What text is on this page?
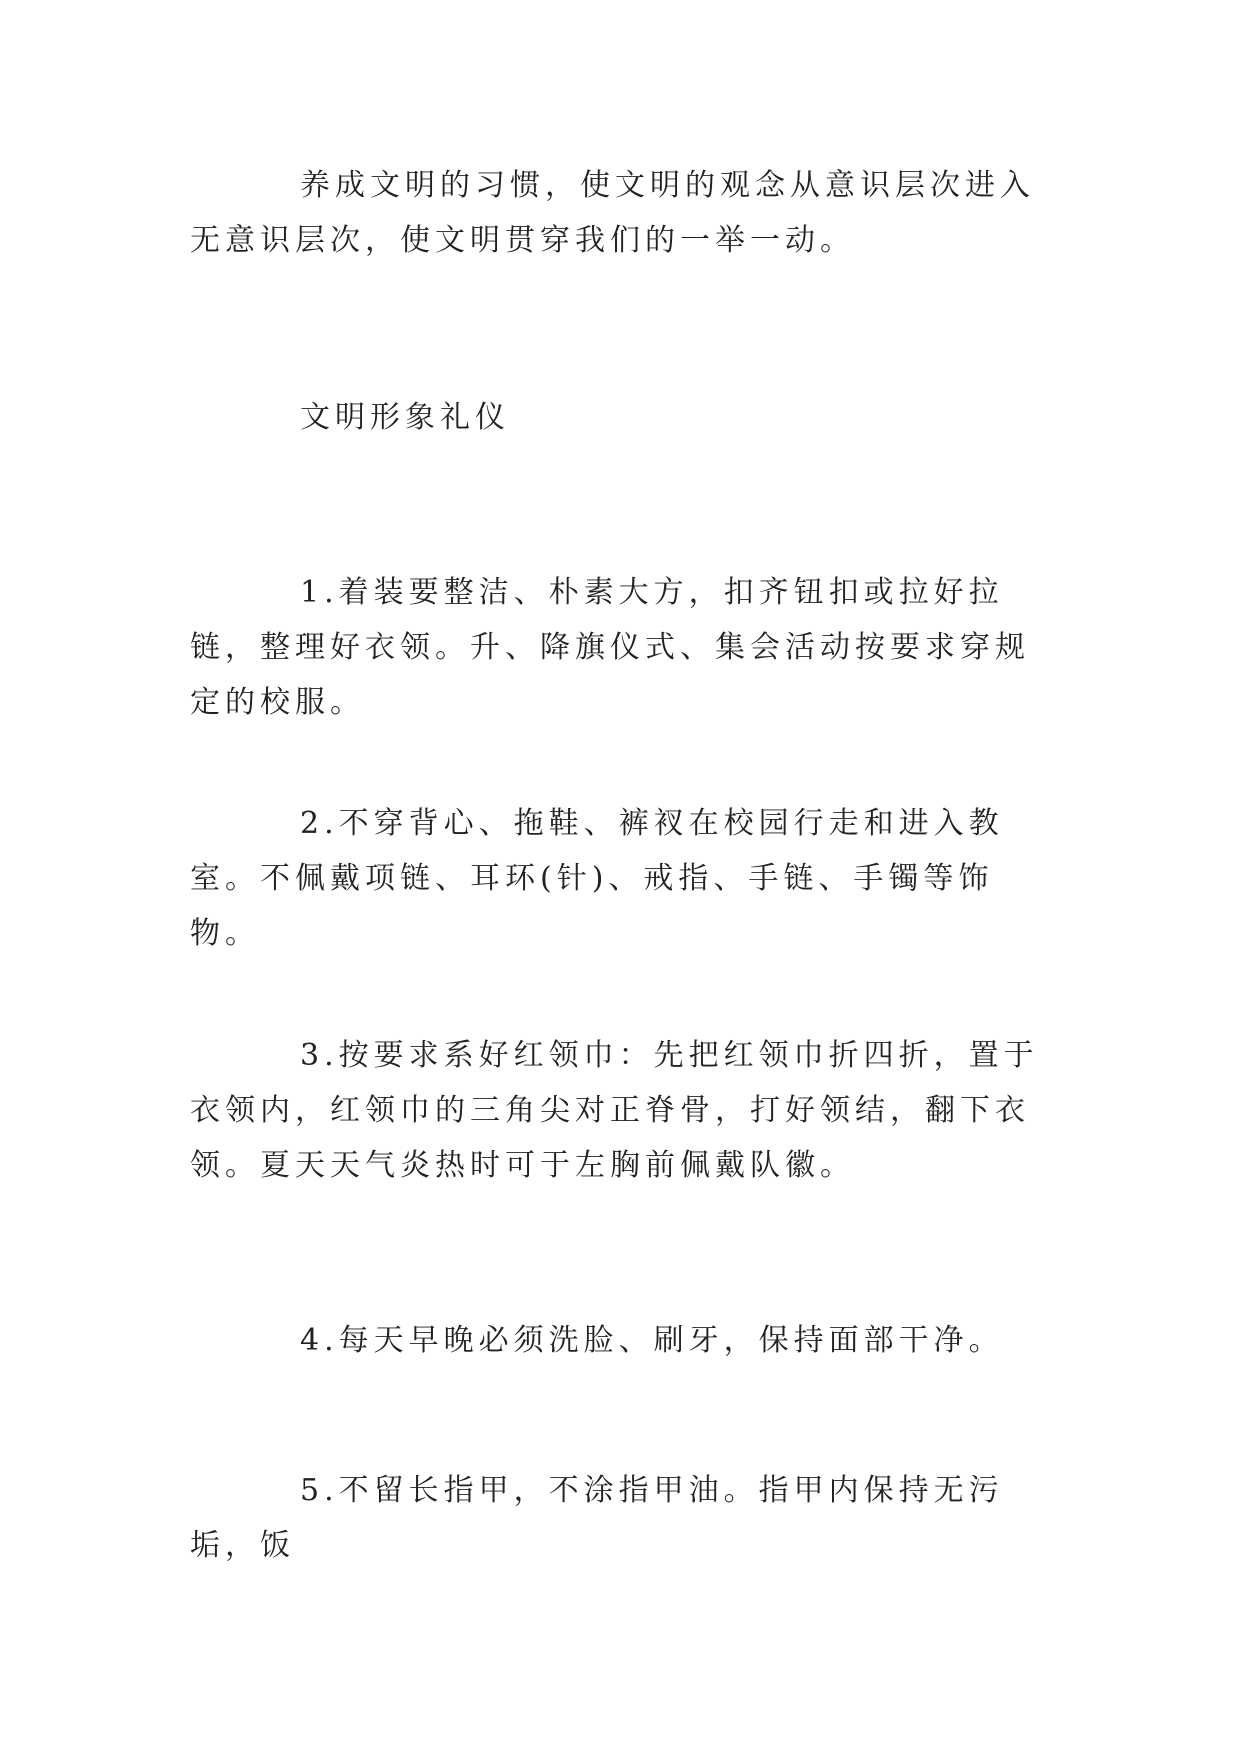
养成文明的习惯，使文明的观念从意识层次进入无意识层次，使文明贯穿我们的一举一动。

文明形象礼仪

1.着装要整洁、朴素大方，扣齐钮扣或拉好拉链，整理好衣领。升、降旗仪式、集会活动按要求穿规定的校服。

2.不穿背心、拖鞋、裤衩在校园行走和进入教室。不佩戴项链、耳环(针)、戒指、手链、手镯等饰物。

3.按要求系好红领巾：先把红领巾折四折，置于衣领内，红领巾的三角尖对正脊骨，打好领结，翻下衣领。夏天天气炎热时可于左胸前佩戴队徽。

4.每天早晚必须洗脸、刷牙，保持面部干净。

5.不留长指甲，不涂指甲油。指甲内保持无污垢，饭
